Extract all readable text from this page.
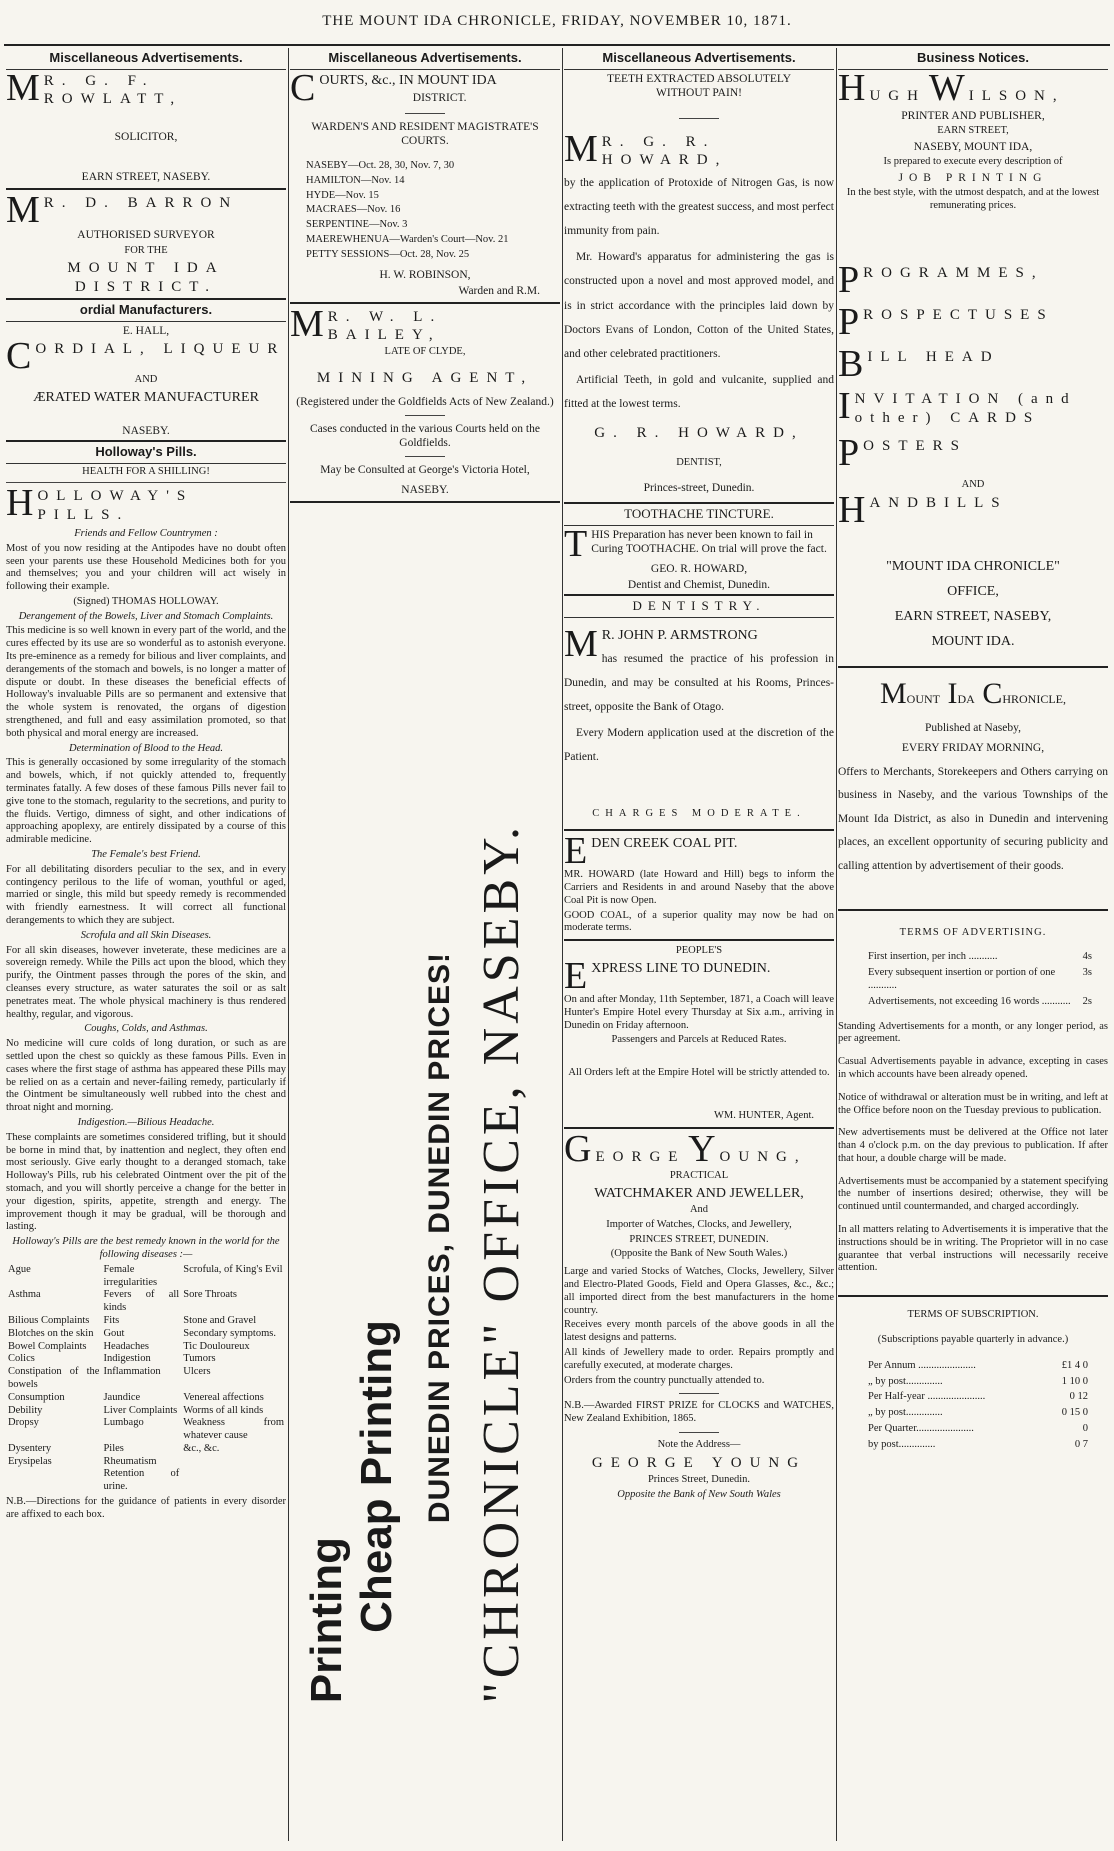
THE MOUNT IDA CHRONICLE, FRIDAY, NOVEMBER 10, 1871.
Miscellaneous Advertisements.

M R. G. F. ROWLATT,

SOLICITOR,

EARN STREET, NASEBY.

M R. D. BARRON

AUTHORISED SURVEYOR

FOR THE

MOUNT IDA DISTRICT.

ordial Manufacturers.

E. HALL,

CORDIAL, LIQUEUR

AND

ÆRATED WATER MANUFACTURER

NASEBY.

Holloway's Pills.

HEALTH FOR A SHILLING!

HOLLOWAY'S PILLS.

Friends and Fellow Countrymen :

Most of you now residing at the Antipodes have no doubt often seen your parents use these Household Medicines both for you and themselves; you and your children will act wisely in following their example.

(Signed) THOMAS HOLLOWAY.

Derangement of the Bowels, Liver and Stomach Complaints.

This medicine is so well known in every part of the world, and the cures effected by its use are so wonderful as to astonish everyone. Its pre-eminence as a remedy for bilious and liver complaints, and derangements of the stomach and bowels, is no longer a matter of dispute or doubt. In these diseases the beneficial effects of Holloway's invaluable Pills are so permanent and extensive that the whole system is renovated, the organs of digestion strengthened, and full and easy assimilation promoted, so that both physical and moral energy are increased.

Determination of Blood to the Head.

This is generally occasioned by some irregularity of the stomach and bowels, which, if not quickly attended to, frequently terminates fatally. A few doses of these famous Pills never fail to give tone to the stomach, regularity to the secretions, and purity to the fluids. Vertigo, dimness of sight, and other indications of approaching apoplexy, are entirely dissipated by a course of this admirable medicine.

The Female's best Friend.

For all debilitating disorders peculiar to the sex, and in every contingency perilous to the life of woman, youthful or aged, married or single, this mild but speedy remedy is recommended with friendly earnestness. It will correct all functional derangements to which they are subject.

Scrofula and all Skin Diseases.

For all skin diseases, however inveterate, these medicines are a sovereign remedy. While the Pills act upon the blood, which they purify, the Ointment passes through the pores of the skin, and cleanses every structure, as water saturates the soil or as salt penetrates meat. The whole physical machinery is thus rendered healthy, regular, and vigorous.

Coughs, Colds, and Asthmas.

No medicine will cure colds of long duration, or such as are settled upon the chest so quickly as these famous Pills. Even in cases where the first stage of asthma has appeared these Pills may be relied on as a certain and never-failing remedy, particularly if the Ointment be simultaneously well rubbed into the chest and throat night and morning.

Indigestion.—Bilious Headache.

These complaints are sometimes considered trifling, but it should be borne in mind that, by inattention and neglect, they often end most seriously. Give early thought to a deranged stomach, take Holloway's Pills, rub his celebrated Ointment over the pit of the stomach, and you will shortly perceive a change for the better in your digestion, spirits, appetite, strength and energy. The improvement though it may be gradual, will be thorough and lasting.

Holloway's Pills are the best remedy known in the world for the following diseases :—

Ague	Female irregularities	Scrofula, of King's Evil
Asthma	Fevers of all kinds	Sore Throats
Bilious Complaints	Fits	Stone and Gravel
Blotches on the skin	Gout	Secondary symptoms.
Bowel Complaints	Headaches	Tic Douloureux
Colics	Indigestion	Tumors
Constipation of the bowels	Inflammation	Ulcers
Consumption	Jaundice	Venereal affections
Debility	Liver Complaints	Worms of all kinds
Dropsy	Lumbago	Weakness from whatever cause
Dysentery	Piles	&c., &c.
Erysipelas	Rheumatism	
	Retention of urine.	

N.B.—Directions for the guidance of patients in every disorder are affixed to each box.

Miscellaneous Advertisements.

COURTS, &c., IN MOUNT IDA

DISTRICT.

WARDEN'S AND RESIDENT MAGISTRATE'S COURTS.

NASEBY—Oct. 28, 30, Nov. 7, 30

HAMILTON—Nov. 14

HYDE—Nov. 15

MACRAES—Nov. 16

SERPENTINE—Nov. 3

MAEREWHENUA—Warden's Court—Nov. 21

PETTY SESSIONS—Oct. 28, Nov. 25

H. W. ROBINSON,

Warden and R.M.

M R. W. L. BAILEY,

LATE OF CLYDE,

MINING AGENT,

(Registered under the Goldfields Acts of New Zealand.)

Cases conducted in the various Courts held on the Goldfields.

May be Consulted at George's Victoria Hotel,

NASEBY.

Printing Cheap Printing DUNEDIN PRICES, DUNEDIN PRICES! "CHRONICLE" OFFICE, NASEBY.
Miscellaneous Advertisements.

TEETH EXTRACTED ABSOLUTELY WITHOUT PAIN!

M R. G. R. HOWARD,

by the application of Protoxide of Nitrogen Gas, is now extracting teeth with the greatest success, and most perfect immunity from pain.

Mr. Howard's apparatus for administering the gas is constructed upon a novel and most approved model, and is in strict accordance with the principles laid down by Doctors Evans of London, Cotton of the United States, and other celebrated practitioners.

Artificial Teeth, in gold and vulcanite, supplied and fitted at the lowest terms.

G. R. HOWARD,

DENTIST,

Princes-street, Dunedin.

TOOTHACHE TINCTURE.

THIS Preparation has never been known to fail in Curing TOOTHACHE. On trial will prove the fact.

GEO. R. HOWARD,

Dentist and Chemist, Dunedin.

DENTISTRY.

M R. JOHN P. ARMSTRONG

has resumed the practice of his profession in Dunedin, and may be consulted at his Rooms, Princes-street, opposite the Bank of Otago.

Every Modern application used at the discretion of the Patient.

CHARGES MODERATE.

EDEN CREEK COAL PIT.

MR. HOWARD (late Howard and Hill) begs to inform the Carriers and Residents in and around Naseby that the above Coal Pit is now Open.

GOOD COAL, of a superior quality may now be had on moderate terms.

PEOPLE'S

EXPRESS LINE TO DUNEDIN.

On and after Monday, 11th September, 1871, a Coach will leave Hunter's Empire Hotel every Thursday at Six a.m., arriving in Dunedin on Friday afternoon.

Passengers and Parcels at Reduced Rates.

All Orders left at the Empire Hotel will be strictly attended to.

WM. HUNTER, Agent.

GEORGE Y OUNG,

PRACTICAL

WATCHMAKER AND JEWELLER,

And

Importer of Watches, Clocks, and Jewellery,

PRINCES STREET, DUNEDIN.

(Opposite the Bank of New South Wales.)

Large and varied Stocks of Watches, Clocks, Jewellery, Silver and Electro-Plated Goods, Field and Opera Glasses, &c., &c.; all imported direct from the best manufacturers in the home country.

Receives every month parcels of the above goods in all the latest designs and patterns.

All kinds of Jewellery made to order. Repairs promptly and carefully executed, at moderate charges.

Orders from the country punctually attended to.

N.B.—Awarded FIRST PRIZE for CLOCKS and WATCHES, New Zealand Exhibition, 1865.

Note the Address—

GEORGE YOUNG

Princes Street, Dunedin.

Opposite the Bank of New South Wales

Business Notices.

HUGH W ILSON,

PRINTER AND PUBLISHER,

EARN STREET,

NASEBY, MOUNT IDA,

Is prepared to execute every description of

JOB PRINTING

In the best style, with the utmost despatch, and at the lowest remunerating prices.

PROGRAMMES,

PROSPECTUSES

BILL HEAD

INVITATION (and other) CARDS

POSTERS

AND

HANDBILLS

"MOUNT IDA CHRONICLE"

OFFICE,

EARN STREET, NASEBY,

MOUNT IDA.

MOUNT IDA CHRONICLE,

Published at Naseby,

EVERY FRIDAY MORNING,

Offers to Merchants, Storekeepers and Others carrying on business in Naseby, and the various Townships of the Mount Ida District, as also in Dunedin and intervening places, an excellent opportunity of securing publicity and calling attention by advertisement of their goods.

TERMS OF ADVERTISING.

First insertion, per inch ...........	4s
Every subsequent insertion or portion of one ...........
3s
Advertisements, not exceeding 16 words ........... 2s

Standing Advertisements for a month, or any longer period, as per agreement.

Casual Advertisements payable in advance, excepting in cases in which accounts have been already opened.

Notice of withdrawal or alteration must be in writing, and left at the Office before noon on the Tuesday previous to publication.

New advertisements must be delivered at the Office not later than 4 o'clock p.m. on the day previous to publication. If after that hour, a double charge will be made.

Advertisements must be accompanied by a statement specifying the number of insertions desired; otherwise, they will be continued until countermanded, and charged accordingly.

In all matters relating to Advertisements it is imperative that the instructions should be in writing. The Proprietor will in no case guarantee that verbal instructions will necessarily receive attention.

TERMS OF SUBSCRIPTION.

(Subscriptions payable quarterly in advance.)

Per Annum ......................	£1 4 0
„ by post..............	1 10 0
Per Half-year ......................	0 12
„ by post..............	0 15 0
Per Quarter......................	0
by post..............	0 7
